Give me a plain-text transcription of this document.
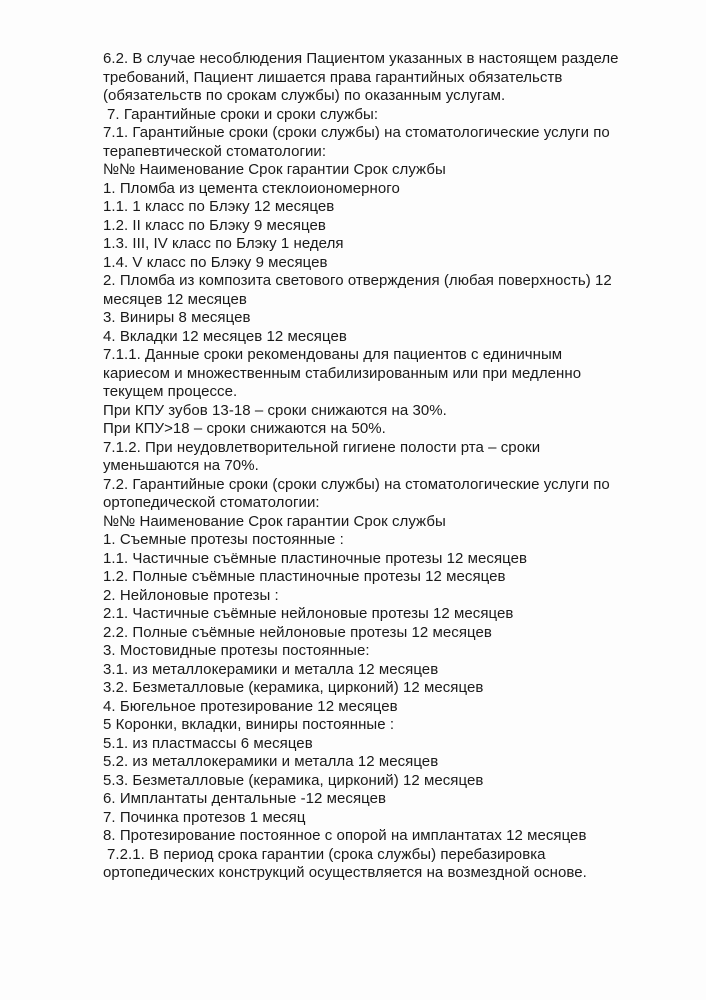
6.2. В случае несоблюдения Пациентом указанных в настоящем разделе

требований, Пациент лишается права гарантийных обязательств

(обязательств по срокам службы) по оказанным услугам.

7. Гарантийные сроки и сроки службы:

7.1. Гарантийные сроки (сроки службы) на стоматологические услуги по

терапевтической стоматологии:

№№ Наименование Срок гарантии Срок службы

1. Пломба из цемента стеклоиономерного

1.1. 1 класс по Блэку 12 месяцев

1.2. II класс по Блэку 9 месяцев

1.3. III, IV класс по Блэку 1 неделя

1.4. V класс по Блэку 9 месяцев

2. Пломба из композита светового отверждения (любая поверхность) 12

месяцев 12 месяцев

3. Виниры 8 месяцев

4. Вкладки 12 месяцев 12 месяцев

7.1.1. Данные сроки рекомендованы для пациентов с единичным

кариесом и множественным стабилизированным или при медленно

текущем процессе.

При КПУ зубов 13-18 – сроки снижаются на 30%.

При КПУ>18 – сроки снижаются на 50%.

7.1.2. При неудовлетворительной гигиене полости рта – сроки

уменьшаются на 70%.

7.2. Гарантийные сроки (сроки службы) на стоматологические услуги по

ортопедической стоматологии:

№№ Наименование Срок гарантии Срок службы

1. Съемные протезы постоянные :

1.1. Частичные съёмные пластиночные протезы 12 месяцев

1.2. Полные съёмные пластиночные протезы 12 месяцев

2. Нейлоновые протезы :

2.1. Частичные съёмные нейлоновые протезы 12 месяцев

2.2. Полные съёмные нейлоновые протезы 12 месяцев

3. Мостовидные протезы постоянные:

3.1. из металлокерамики и металла 12 месяцев

3.2. Безметалловые (керамика, цирконий) 12 месяцев

4. Бюгельное протезирование 12 месяцев

5 Коронки, вкладки, виниры постоянные :

5.1. из пластмассы 6 месяцев

5.2. из металлокерамики и металла 12 месяцев

5.3. Безметалловые (керамика, цирконий) 12 месяцев

6. Имплантаты дентальные -12 месяцев

7. Починка протезов 1 месяц

8. Протезирование постоянное с опорой на имплантатах 12 месяцев

7.2.1. В период срока гарантии (срока службы) перебазировка

ортопедических конструкций осуществляется на возмездной основе.
